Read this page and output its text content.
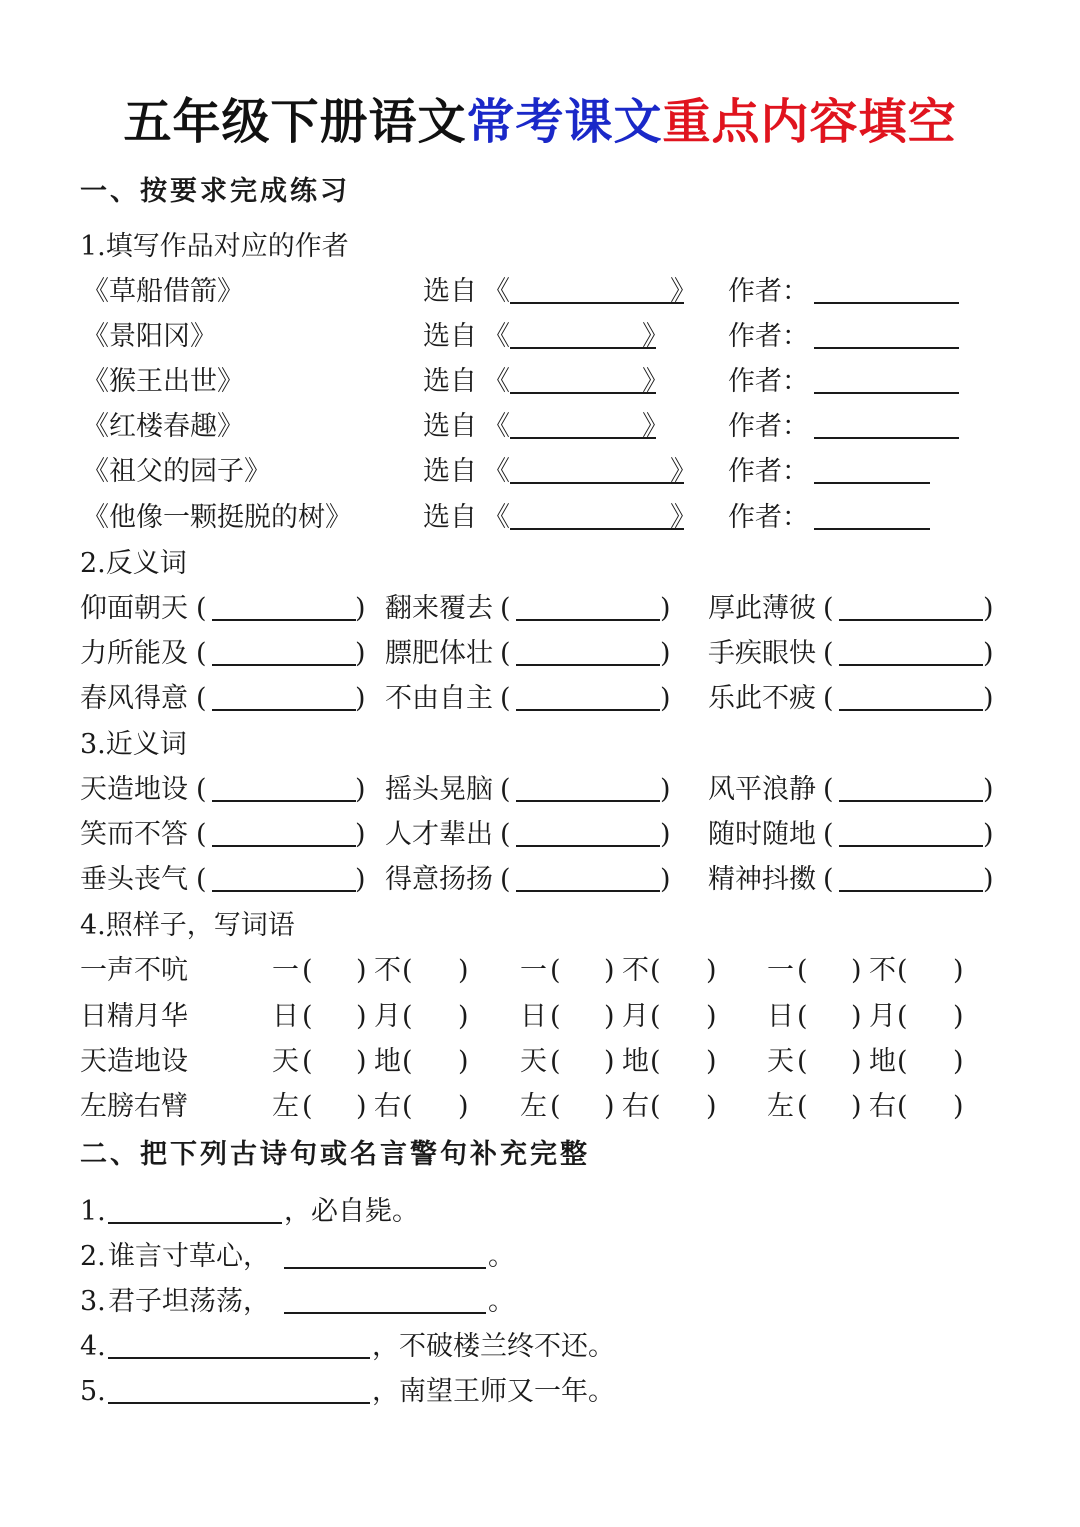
五年级下册语文常考课文重点内容填空
一、按要求完成练习
1.填写作品对应的作者
《草船借箭》	选自 《	》 作者：
《景阳冈》	选自 《	》 作者：
《猴王出世》	选自 《	》 作者：
《红楼春趣》	选自 《	》 作者：
《祖父的园子》	选自 《	》 作者：
《他像一颗挺脱的树》	选自 《	》 作者：
2.反义词
仰面朝天 (	) 翻来覆去 (	) 厚此薄彼 (	)
力所能及 (	) 膘肥体壮 (	) 手疾眼快 (	)
春风得意 (	) 不由自主 (	) 乐此不疲 (	)
3.近义词
天造地设 (	) 摇头晃脑 (	) 风平浪静 (	)
笑而不答 (	) 人才辈出 (	) 随时随地 (	)
垂头丧气 (	) 得意扬扬 (	) 精神抖擞 (	)
4.照样子，写词语
一声不吭	一 ( ) 不 ( ) 一 ( ) 不 ( ) 一 ( ) 不 ( )
日精月华	日 ( ) 月 ( ) 日 ( ) 月 ( ) 日 ( ) 月 ( )
天造地设	天 ( ) 地 ( ) 天 ( ) 地 ( ) 天 ( ) 地 ( )
左膀右臂	左 ( ) 右 ( ) 左 ( ) 右 ( ) 左 ( ) 右 ( )
二、把下列古诗句或名言警句补充完整
1.	，必自毙。
2. 谁言寸草心，	。
3. 君子坦荡荡，	。
4.	，不破楼兰终不还。
5.	，南望王师又一年。
